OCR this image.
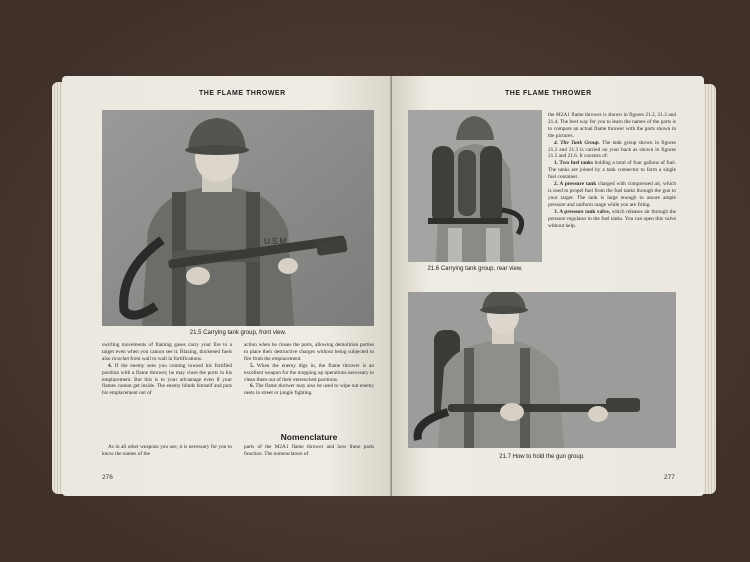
THE FLAME THROWER
U.S.M.
21.5 Carrying tank group, front view.

swirling movements of flaming gases carry your fire to a target even when you cannot see it. Blazing, thickened fuels also ricochet from wall to wall in fortifications.

4. If the enemy sees you coming toward his fortified position with a flame thrower, he may close the ports in his emplacement. But this is to your advantage even if your flames cannot get inside. The enemy blinds himself and puts his emplacement out of

action when he closes the ports, allowing demolition parties to place their destructive charges without being subjected to fire from the emplacement.

5. When the enemy digs in, the flame thrower is an excellent weapon for the mopping up operations necessary to clean them out of their entrenched positions.

6. The flame thrower may also be used to wipe out enemy nests in street or jungle fighting.

Nomenclature

As in all other weapons you use, it is necessary for you to know the names of the

parts of the M2A1 flame thrower and how these parts function. The nomenclature of

276
THE FLAME THROWER
21.6 Carrying tank group, rear view.

the M2A1 flame thrower is shown in figures 21.2, 21.3 and 21.4. The best way for you to learn the names of the parts is to compare an actual flame thrower with the parts shown in the pictures.

4. The Tank Group. The tank group shown in figures 21.2 and 21.3 is carried on your back as shown in figures 21.5 and 21.6. It consists of:

1. Two fuel tanks holding a total of four gallons of fuel. The tanks are joined by a tank connector to form a single fuel container.

2. A pressure tank charged with compressed air, which is used to propel fuel from the fuel tanks through the gun to your target. The tank is large enough to assure ample pressure and uniform range while you are firing.

3. A pressure tank valve, which releases air through the pressure regulator to the fuel tanks. You can open this valve without help.

21.7 How to hold the gun group.
277
